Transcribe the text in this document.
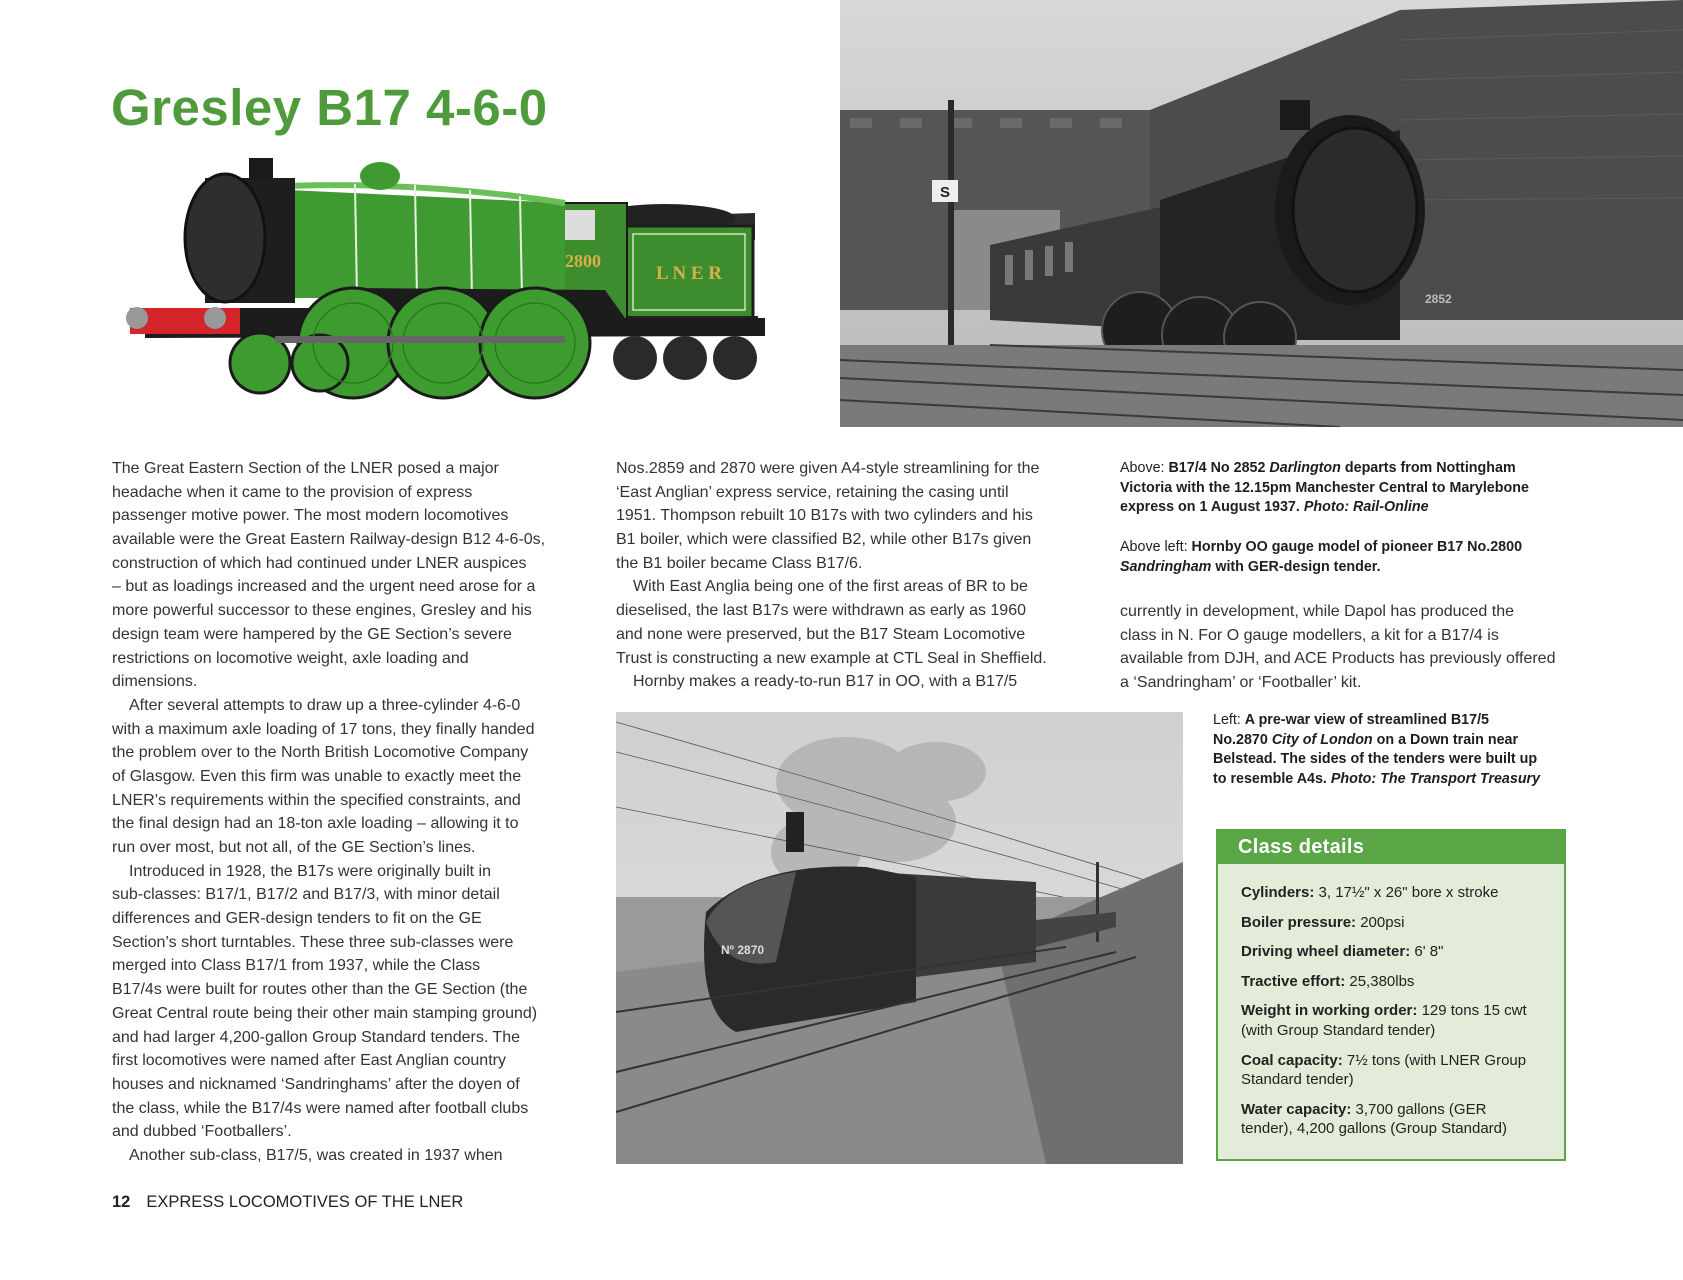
Gresley B17 4-6-0
L N E R
2800
S
2852
The Great Eastern Section of the LNER posed a major
headache when it came to the provision of express
passenger motive power. The most modern locomotives
available were the Great Eastern Railway-design B12 4-6-0s,
construction of which had continued under LNER auspices
– but as loadings increased and the urgent need arose for a
more powerful successor to these engines, Gresley and his
design team were hampered by the GE Section’s severe
restrictions on locomotive weight, axle loading and
dimensions.
After several attempts to draw up a three-cylinder 4-6-0
with a maximum axle loading of 17 tons, they finally handed
the problem over to the North British Locomotive Company
of Glasgow. Even this firm was unable to exactly meet the
LNER’s requirements within the specified constraints, and
the final design had an 18-ton axle loading – allowing it to
run over most, but not all, of the GE Section’s lines.
Introduced in 1928, the B17s were originally built in
sub-classes: B17/1, B17/2 and B17/3, with minor detail
differences and GER-design tenders to fit on the GE
Section’s short turntables. These three sub-classes were
merged into Class B17/1 from 1937, while the Class
B17/4s were built for routes other than the GE Section (the
Great Central route being their other main stamping ground)
and had larger 4,200-gallon Group Standard tenders. The
first locomotives were named after East Anglian country
houses and nicknamed ‘Sandringhams’ after the doyen of
the class, while the B17/4s were named after football clubs
and dubbed ‘Footballers’.
Another sub-class, B17/5, was created in 1937 when
Nos.2859 and 2870 were given A4-style streamlining for the
‘East Anglian’ express service, retaining the casing until
1951. Thompson rebuilt 10 B17s with two cylinders and his
B1 boiler, which were classified B2, while other B17s given
the B1 boiler became Class B17/6.
With East Anglia being one of the first areas of BR to be
dieselised, the last B17s were withdrawn as early as 1960
and none were preserved, but the B17 Steam Locomotive
Trust is constructing a new example at CTL Seal in Sheffield.
Hornby makes a ready-to-run B17 in OO, with a B17/5
Above: B17/4 No 2852 Darlington departs from Nottingham
Victoria with the 12.15pm Manchester Central to Marylebone
express on 1 August 1937. Photo: Rail-Online
Above left: Hornby OO gauge model of pioneer B17 No.2800
Sandringham with GER-design tender.
currently in development, while Dapol has produced the
class in N. For O gauge modellers, a kit for a B17/4 is
available from DJH, and ACE Products has previously offered
a ‘Sandringham’ or ‘Footballer’ kit.
Nº 2870
Left: A pre-war view of streamlined B17/5
No.2870 City of London on a Down train near
Belstead. The sides of the tenders were built up
to resemble A4s. Photo: The Transport Treasury
Class details
Cylinders: 3, 17½" x 26" bore x stroke
Boiler pressure: 200psi
Driving wheel diameter: 6' 8"
Tractive effort: 25,380lbs
Weight in working order: 129 tons 15 cwt
(with Group Standard tender)
Coal capacity: 7½ tons (with LNER Group
Standard tender)
Water capacity: 3,700 gallons (GER
tender), 4,200 gallons (Group Standard)
12 EXPRESS LOCOMOTIVES OF THE LNER
